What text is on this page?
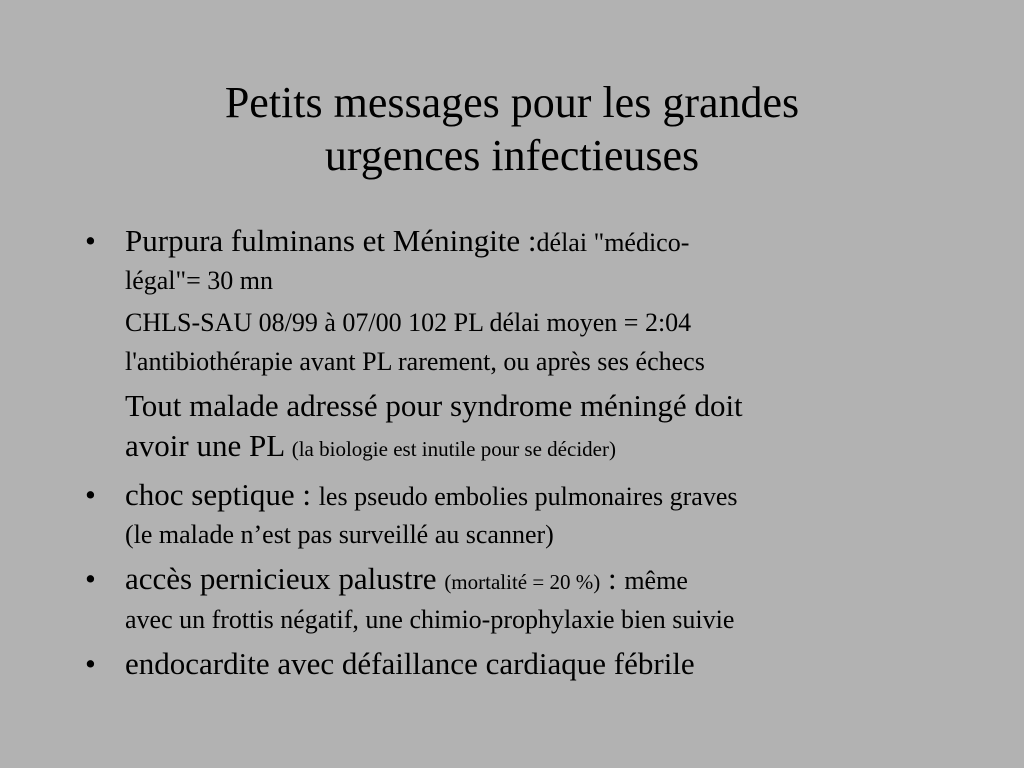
Petits messages pour les grandes
urgences infectieuses
• Purpura fulminans et Méningite :délai "médico-
légal"= 30 mn
CHLS-SAU 08/99 à 07/00 102 PL délai moyen = 2:04
l'antibiothérapie avant PL rarement, ou après ses échecs
Tout malade adressé pour syndrome méningé doit
avoir une PL (la biologie est inutile pour se décider)
• choc septique : les pseudo embolies pulmonaires graves
(le malade n’est pas surveillé au scanner)
• accès pernicieux palustre (mortalité = 20 %) : même
avec un frottis négatif, une chimio-prophylaxie bien suivie
• endocardite avec défaillance cardiaque fébrile
